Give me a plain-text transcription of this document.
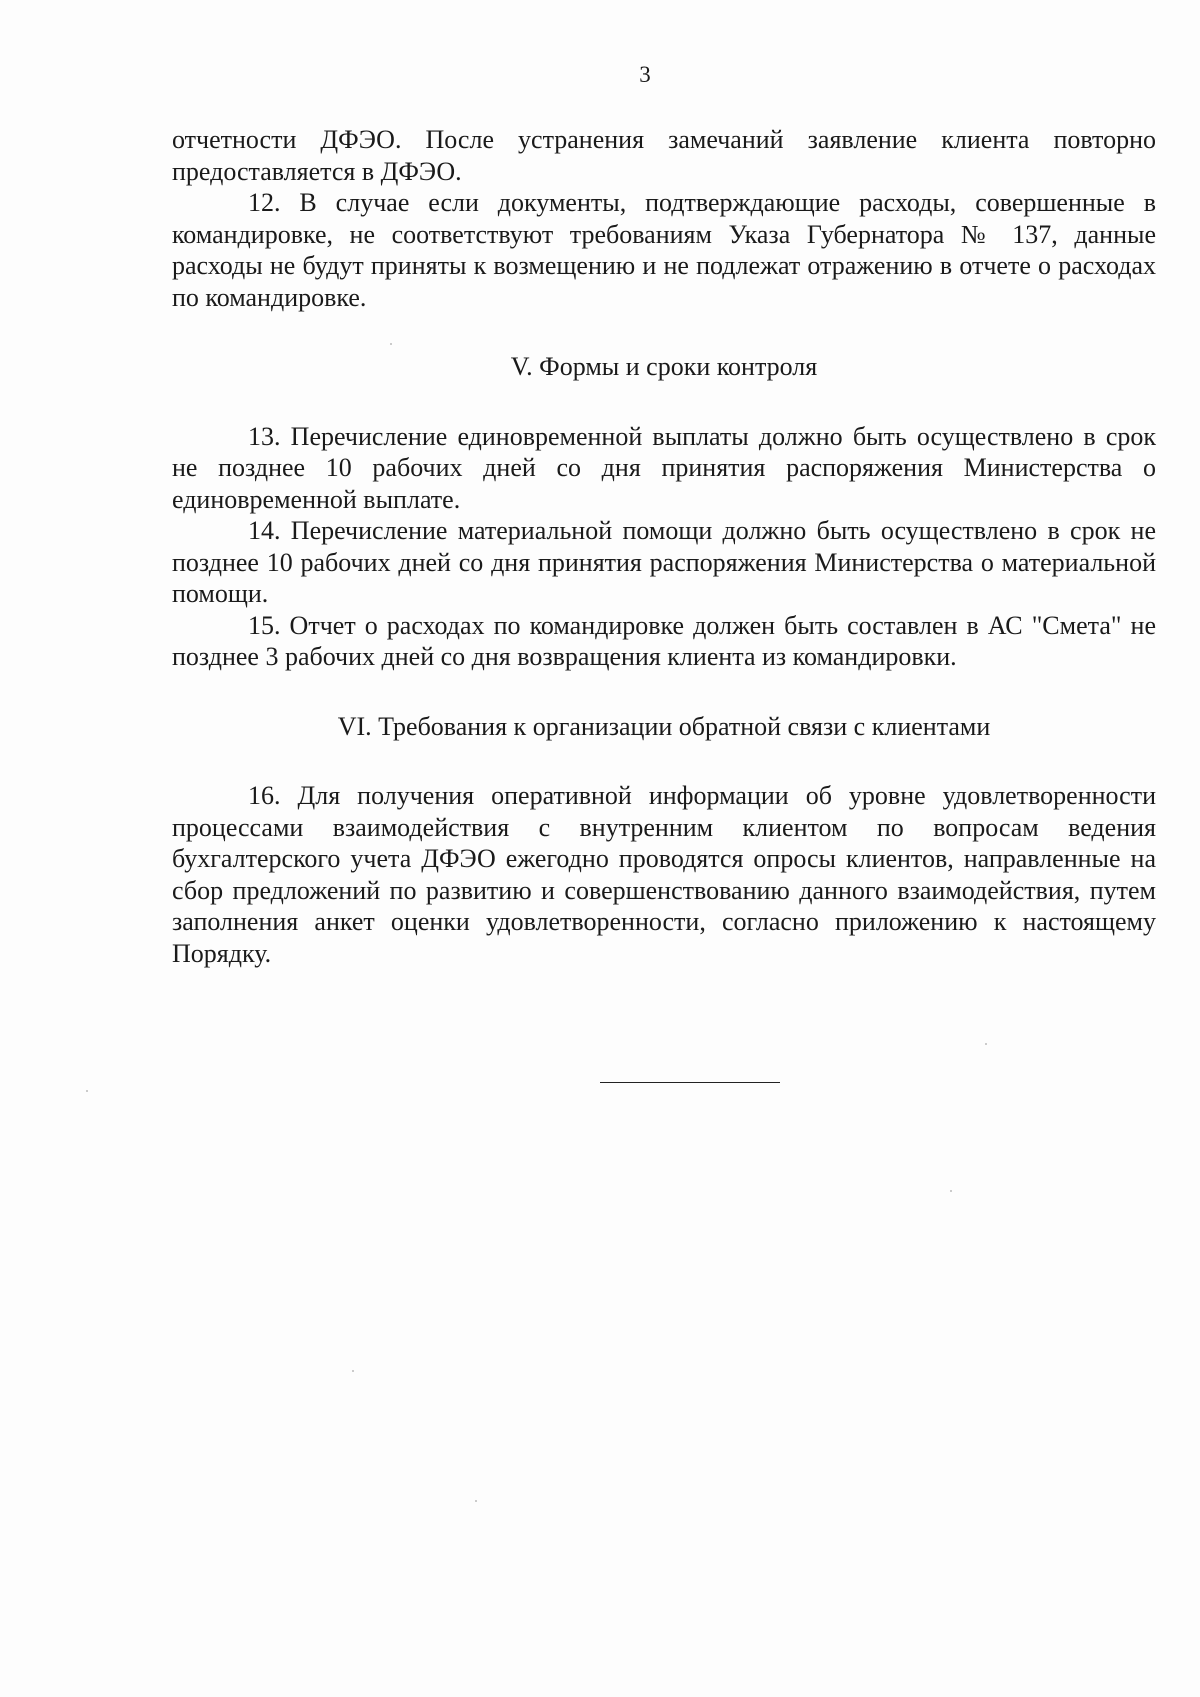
3

отчетности ДФЭО. После устранения замечаний заявление клиента повторно предоставляется в ДФЭО.

12. В случае если документы, подтверждающие расходы, совершенные в командировке, не соответствуют требованиям Указа Губернатора № 137, данные расходы не будут приняты к возмещению и не подлежат отражению в отчете о расходах по командировке.

V. Формы и сроки контроля

13. Перечисление единовременной выплаты должно быть осуществлено в срок не позднее 10 рабочих дней со дня принятия распоряжения Министерства о единовременной выплате.

14. Перечисление материальной помощи должно быть осуществлено в срок не позднее 10 рабочих дней со дня принятия распоряжения Министерства о материальной помощи.

15. Отчет о расходах по командировке должен быть составлен в АС "Смета" не позднее 3 рабочих дней со дня возвращения клиента из командировки.

VI. Требования к организации обратной связи с клиентами

16. Для получения оперативной информации об уровне удовлетворенности процессами взаимодействия с внутренним клиентом по вопросам ведения бухгалтерского учета ДФЭО ежегодно проводятся опросы клиентов, направленные на сбор предложений по развитию и совершенствованию данного взаимодействия, путем заполнения анкет оценки удовлетворенности, согласно приложению к настоящему Порядку.
